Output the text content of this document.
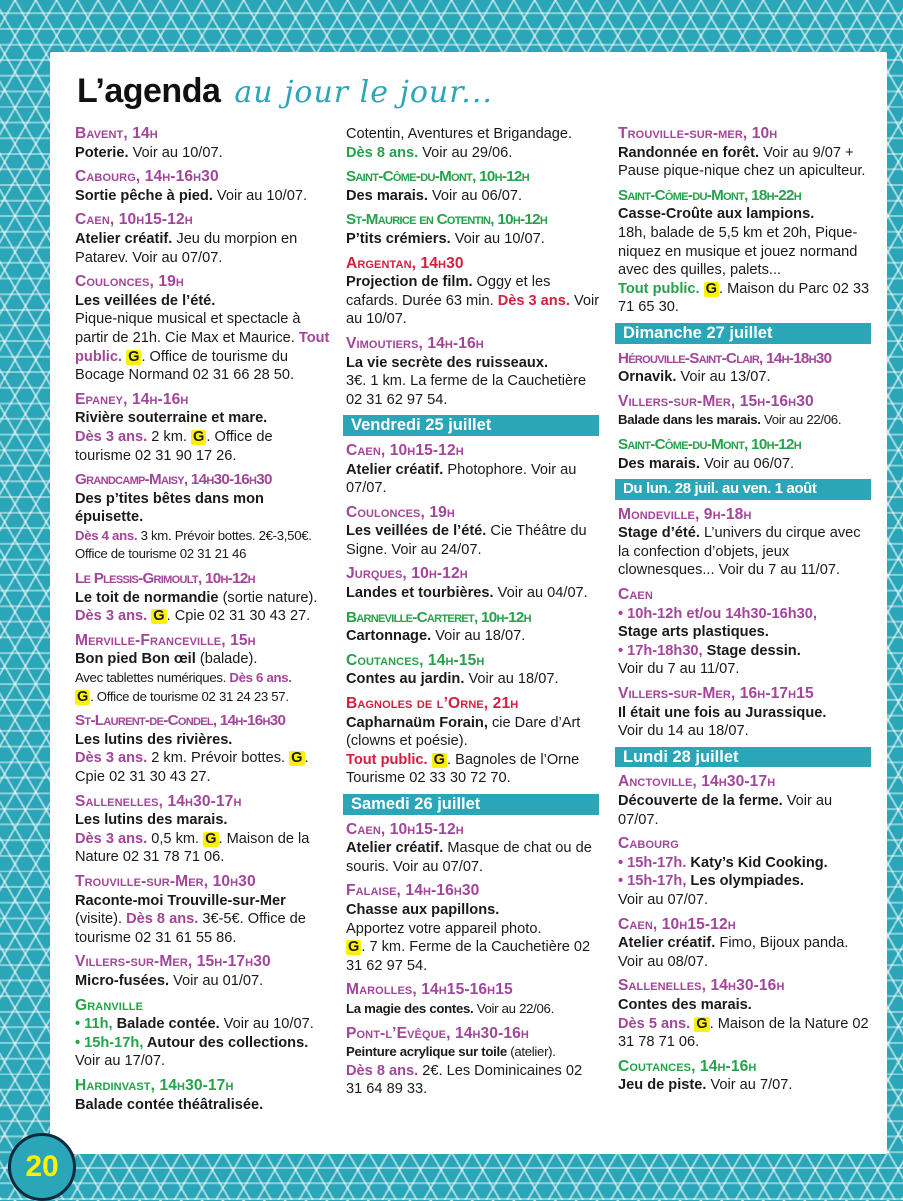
L’agenda au jour le jour...
Bavent, 14h
Poterie. Voir au 10/07.
Cabourg, 14h-16h30
Sortie pêche à pied. Voir au 10/07.
Caen, 10h15-12h
Atelier créatif. Jeu du morpion en Patarev. Voir au 07/07.
Coulonces, 19h
Les veillées de l’été.
Pique-nique musical et spectacle à partir de 21h. Cie Max et Maurice. Tout public. G . Office de tourisme du Bocage Normand 02 31 66 28 50.
Epaney, 14h-16h
Rivière souterraine et mare.
Dès 3 ans. 2 km. G . Office de tourisme 02 31 90 17 26.
Grandcamp-Maisy, 14h30-16h30
Des p’tites bêtes dans mon épuisette.
Dès 4 ans. 3 km. Prévoir bottes. 2€-3,50€. Office de tourisme 02 31 21 46
Le Plessis-Grimoult, 10h-12h
Le toit de normandie (sortie nature).
Dès 3 ans. G . Cpie 02 31 30 43 27.
Merville-Franceville, 15h
Bon pied Bon œil (balade).
Avec tablettes numériques. Dès 6 ans.
G . Office de tourisme 02 31 24 23 57.
St-Laurent-de-Condel, 14h-16h30
Les lutins des rivières.
Dès 3 ans. 2 km. Prévoir bottes. G . Cpie 02 31 30 43 27.
Sallenelles, 14h30-17h
Les lutins des marais.
Dès 3 ans. 0,5 km. G . Maison de la Nature 02 31 78 71 06.
Trouville-sur-Mer, 10h30
Raconte-moi Trouville-sur-Mer
(visite). Dès 8 ans. 3€-5€. Office de tourisme 02 31 61 55 86.
Villers-sur-Mer, 15h-17h30
Micro-fusées. Voir au 01/07.
Granville
• 11h, Balade contée. Voir au 10/07.
• 15h-17h, Autour des collections.
Voir au 17/07.
Hardinvast, 14h30-17h
Balade contée théâtralisée.
Cotentin, Aventures et Brigandage.
Dès 8 ans. Voir au 29/06.
Saint-Côme-du-Mont, 10h-12h
Des marais. Voir au 06/07.
St-Maurice en Cotentin, 10h-12h
P’tits crémiers. Voir au 10/07.
Argentan, 14h30
Projection de film. Oggy et les cafards. Durée 63 min. Dès 3 ans. Voir au 10/07.
Vimoutiers, 14h-16h
La vie secrète des ruisseaux.
3€. 1 km. La ferme de la Cauchetière 02 31 62 97 54.
Vendredi 25 juillet
Caen, 10h15-12h
Atelier créatif. Photophore. Voir au 07/07.
Coulonces, 19h
Les veillées de l’été. Cie Théâtre du Signe. Voir au 24/07.
Jurques, 10h-12h
Landes et tourbières. Voir au 04/07.
Barneville-Carteret, 10h-12h
Cartonnage. Voir au 18/07.
Coutances, 14h-15h
Contes au jardin. Voir au 18/07.
Bagnoles de l’Orne, 21h
Capharnaüm Forain, cie Dare d’Art (clowns et poésie).
Tout public. G . Bagnoles de l’Orne Tourisme 02 33 30 72 70.
Samedi 26 juillet
Caen, 10h15-12h
Atelier créatif. Masque de chat ou de souris. Voir au 07/07.
Falaise, 14h-16h30
Chasse aux papillons.
Apportez votre appareil photo.
G . 7 km. Ferme de la Cauchetière 02 31 62 97 54.
Marolles, 14h15-16h15
La magie des contes. Voir au 22/06.
Pont-l’Evêque, 14h30-16h
Peinture acrylique sur toile (atelier).
Dès 8 ans. 2€. Les Dominicaines 02 31 64 89 33.
Trouville-sur-mer, 10h
Randonnée en forêt. Voir au 9/07 + Pause pique-nique chez un apiculteur.
Saint-Côme-du-Mont, 18h-22h
Casse-Croûte aux lampions.
18h, balade de 5,5 km et 20h, Pique-niquez en musique et jouez normand avec des quilles, palets...
Tout public. G . Maison du Parc 02 33 71 65 30.
Dimanche 27 juillet
Hérouville-Saint-Clair, 14h-18h30
Ornavik. Voir au 13/07.
Villers-sur-Mer, 15h-16h30
Balade dans les marais. Voir au 22/06.
Saint-Côme-du-Mont, 10h-12h
Des marais. Voir au 06/07.
Du lun. 28 juil. au ven. 1 août
Mondeville, 9h-18h
Stage d’été. L’univers du cirque avec la confection d’objets, jeux clownesques... Voir du 7 au 11/07.
Caen
• 10h-12h et/ou 14h30-16h30,
Stage arts plastiques.
• 17h-18h30, Stage dessin.
Voir du 7 au 11/07.
Villers-sur-Mer, 16h-17h15
Il était une fois au Jurassique.
Voir du 14 au 18/07.
Lundi 28 juillet
Anctoville, 14h30-17h
Découverte de la ferme. Voir au 07/07.
Cabourg
• 15h-17h. Katy’s Kid Cooking.
• 15h-17h, Les olympiades.
Voir au 07/07.
Caen, 10h15-12h
Atelier créatif. Fimo, Bijoux panda. Voir au 08/07.
Sallenelles, 14h30-16h
Contes des marais.
Dès 5 ans. G . Maison de la Nature 02 31 78 71 06.
Coutances, 14h-16h
Jeu de piste. Voir au 7/07.
20
